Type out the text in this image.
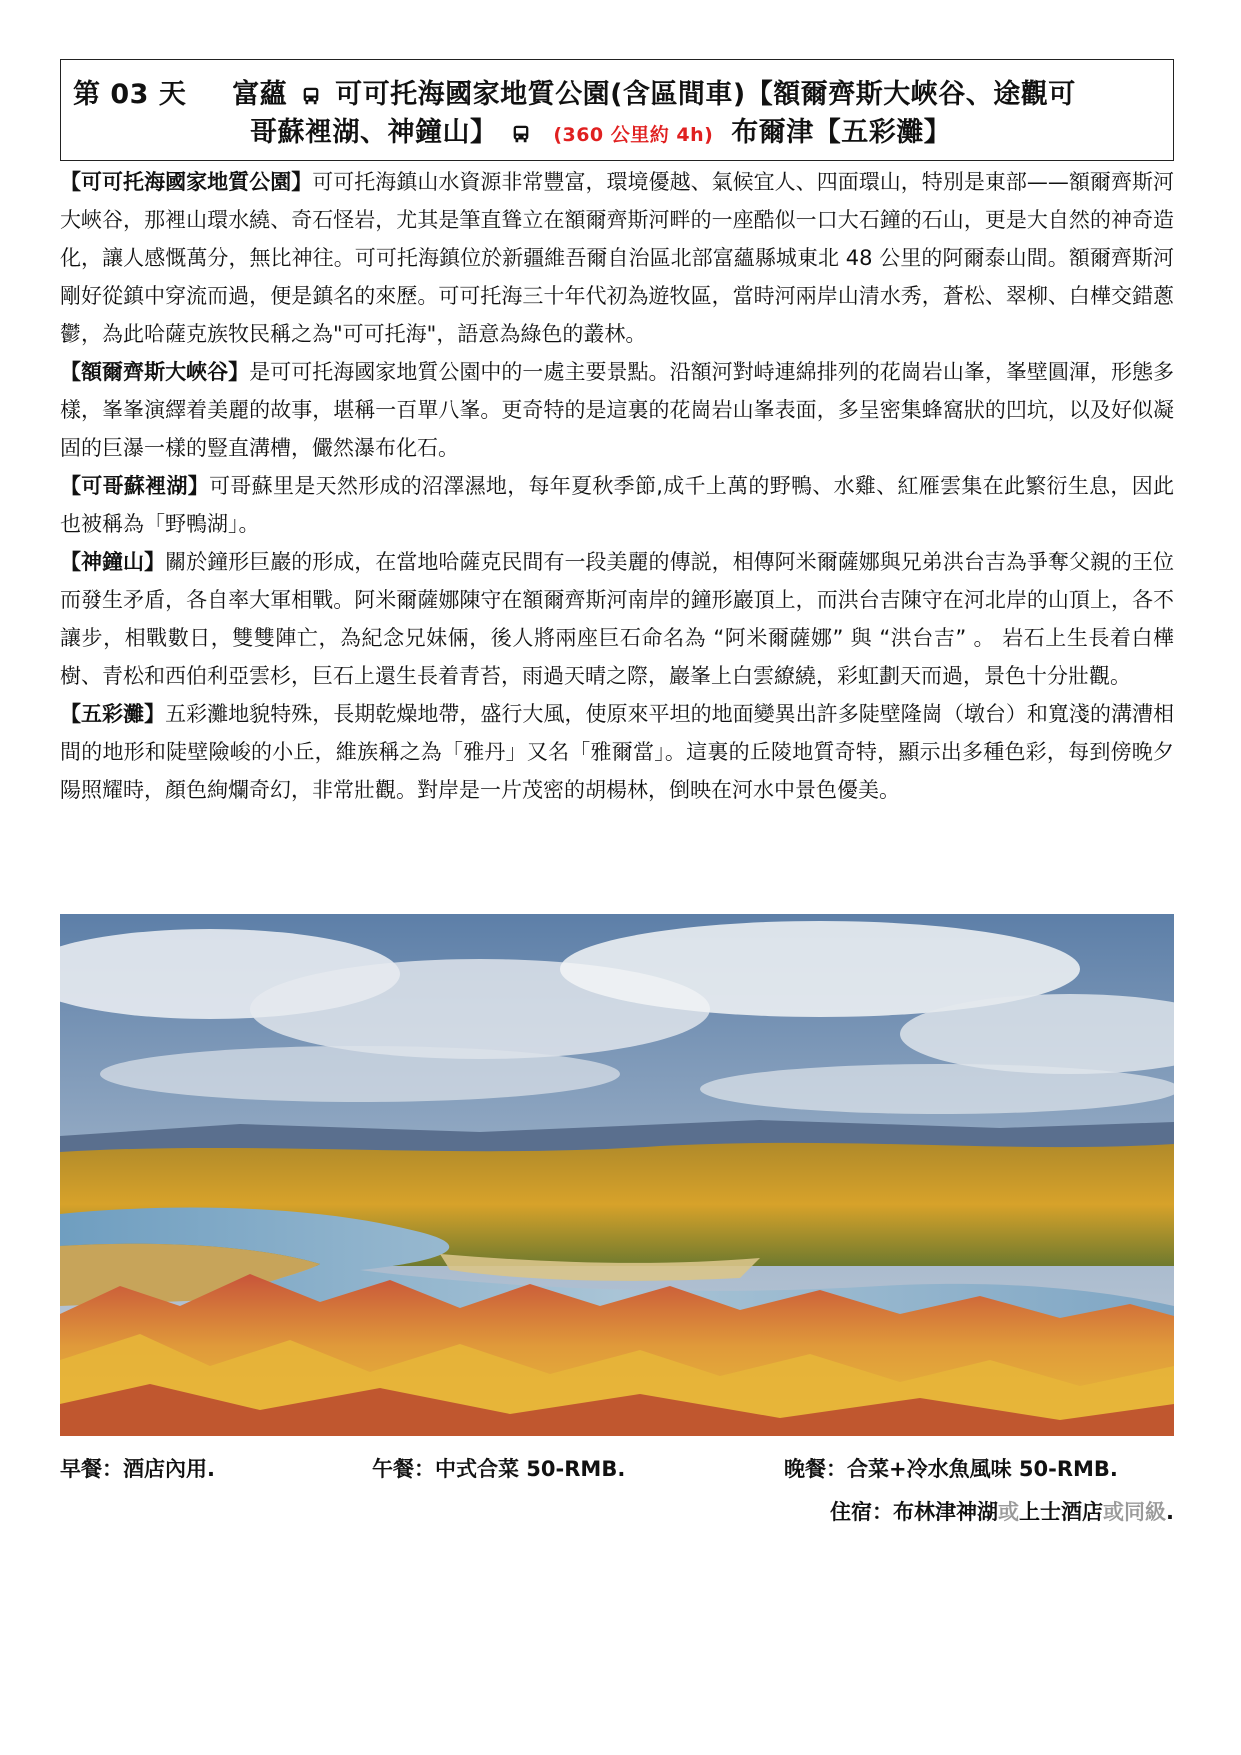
第 03 天 富蘊 可可托海國家地質公園(含區間車)【額爾齊斯大峽谷、途觀可
哥蘇裡湖、神鐘山】	(360 公里約 4h) 布爾津【五彩灘】

【可可托海國家地質公園】可可托海鎮山水資源非常豐富，環境優越、氣候宜人、四面環山，特別是東部——額爾齊斯河大峽谷，那裡山環水繞、奇石怪岩，尤其是筆直聳立在額爾齊斯河畔的一座酷似一口大石鐘的石山，更是大自然的神奇造化，讓人感慨萬分，無比神往。可可托海鎮位於新疆維吾爾自治區北部富蘊縣城東北 48 公里的阿爾泰山間。額爾齊斯河剛好從鎮中穿流而過，便是鎮名的來歷。可可托海三十年代初為遊牧區，當時河兩岸山清水秀，蒼松、翠柳、白樺交錯蔥鬱，為此哈薩克族牧民稱之為"可可托海"，語意為綠色的叢林。

【額爾齊斯大峽谷】是可可托海國家地質公園中的一處主要景點。沿額河對峙連綿排列的花崗岩山峯，峯壁圓渾，形態多樣，峯峯演繹着美麗的故事，堪稱一百單八峯。更奇特的是這裏的花崗岩山峯表面，多呈密集蜂窩狀的凹坑，以及好似凝固的巨瀑一樣的豎直溝槽，儼然瀑布化石。

【可哥蘇裡湖】可哥蘇里是天然形成的沼澤濕地，每年夏秋季節,成千上萬的野鴨、水雞、紅雁雲集在此繁衍生息，因此也被稱為「野鴨湖」。

【神鐘山】關於鐘形巨巖的形成，在當地哈薩克民間有一段美麗的傳説，相傳阿米爾薩娜與兄弟洪台吉為爭奪父親的王位而發生矛盾，各自率大軍相戰。阿米爾薩娜陳守在額爾齊斯河南岸的鐘形巖頂上，而洪台吉陳守在河北岸的山頂上，各不讓步，相戰數日，雙雙陣亡，為紀念兄妹倆，後人將兩座巨石命名為 “阿米爾薩娜” 與 “洪台吉” 。 岩石上生長着白樺樹、青松和西伯利亞雲杉，巨石上還生長着青苔，雨過天晴之際，巖峯上白雲繚繞，彩虹劃天而過，景色十分壯觀。

【五彩灘】五彩灘地貌特殊，長期乾燥地帶，盛行大風，使原來平坦的地面變異出許多陡壁隆崗（墩台）和寬淺的溝漕相間的地形和陡壁險峻的小丘，維族稱之為「雅丹」又名「雅爾當」。這裏的丘陵地質奇特，顯示出多種色彩，每到傍晚夕陽照耀時，顏色絢爛奇幻，非常壯觀。對岸是一片茂密的胡楊林，倒映在河水中景色優美。

早餐：酒店內用.	午餐：中式合菜 50-RMB.	晚餐：合菜+冷水魚風味 50-RMB.
住宿：布林津神湖或上士酒店或同級.
